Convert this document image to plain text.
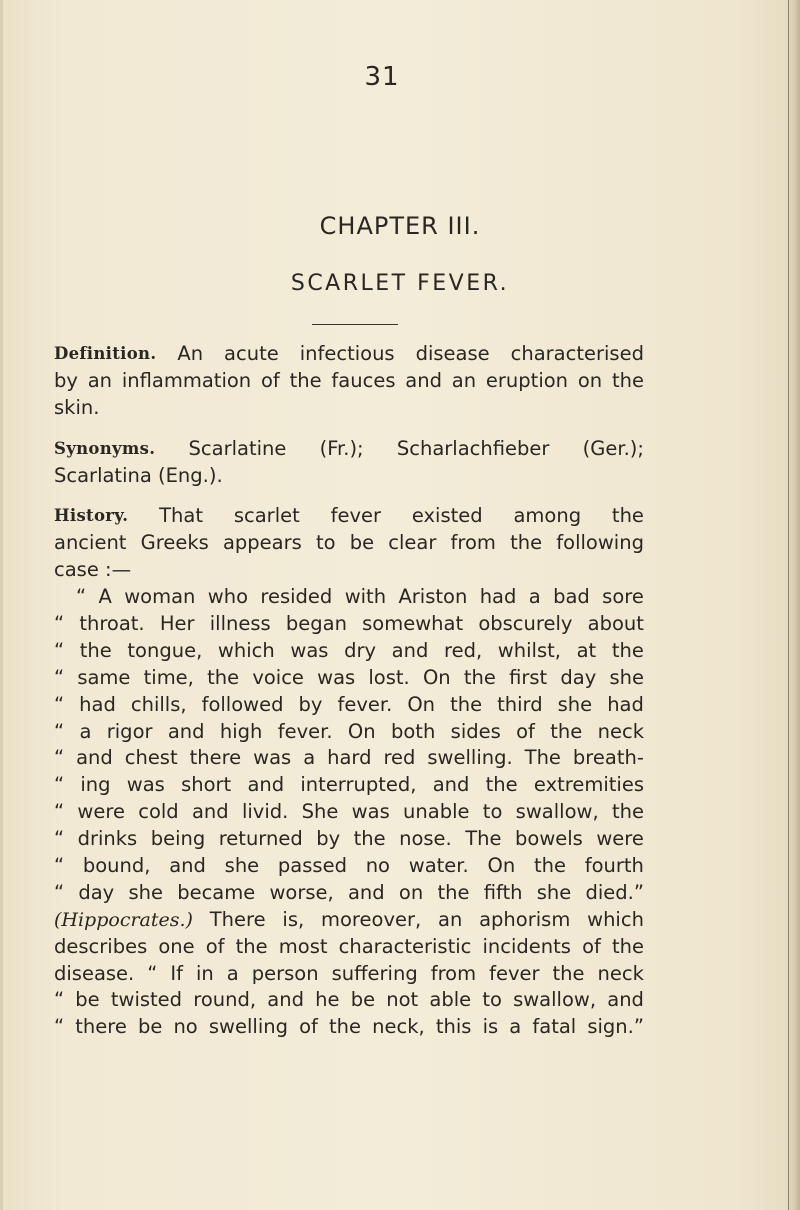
31
CHAPTER III.
SCARLET FEVER.
Definition. An acute infectious disease characterised
by an inflammation of the fauces and an eruption on the
skin.
Synonyms. Scarlatine (Fr.); Scharlachfieber (Ger.);
Scarlatina (Eng.).
History. That scarlet fever existed among the
ancient Greeks appears to be clear from the following
case :—
“ A woman who resided with Ariston had a bad sore
“ throat. Her illness began somewhat obscurely about
“ the tongue, which was dry and red, whilst, at the
“ same time, the voice was lost. On the first day she
“ had chills, followed by fever. On the third she had
“ a rigor and high fever. On both sides of the neck
“ and chest there was a hard red swelling. The breath-
“ ing was short and interrupted, and the extremities
“ were cold and livid. She was unable to swallow, the
“ drinks being returned by the nose. The bowels were
“ bound, and she passed no water. On the fourth
“ day she became worse, and on the fifth she died.”
(Hippocrates.) There is, moreover, an aphorism which
describes one of the most characteristic incidents of the
disease. “ If in a person suffering from fever the neck
“ be twisted round, and he be not able to swallow, and
“ there be no swelling of the neck, this is a fatal sign.”
